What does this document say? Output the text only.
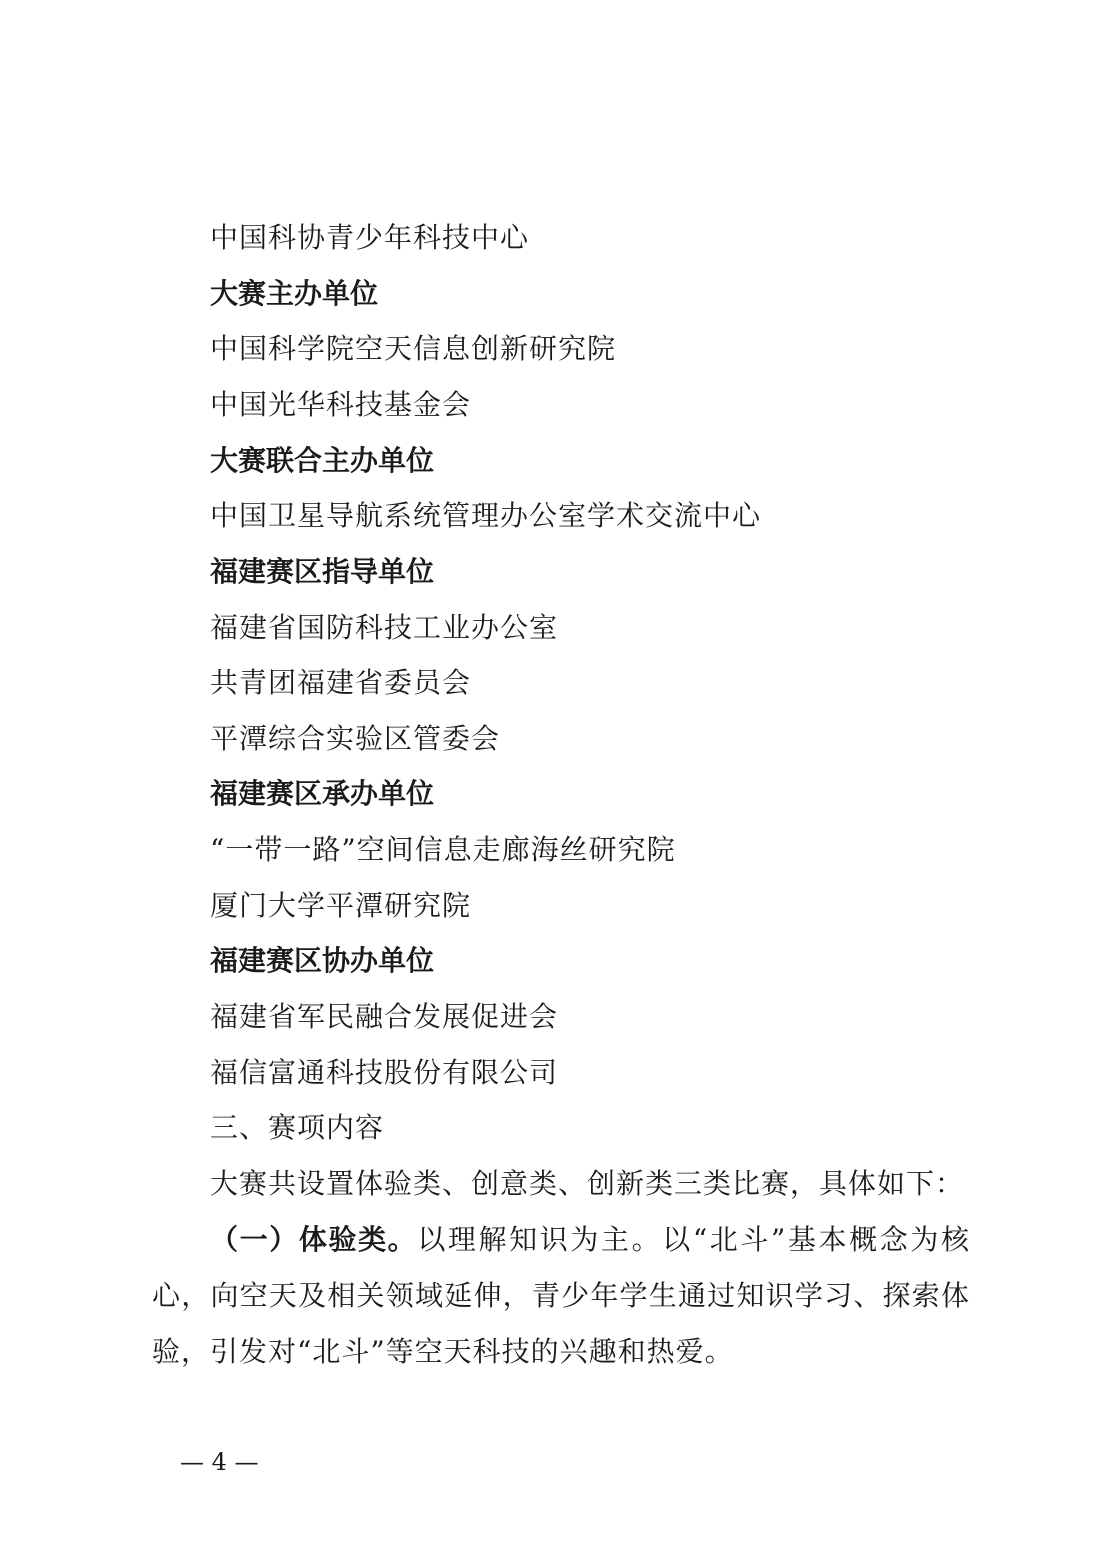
中国科协青少年科技中心
大赛主办单位
中国科学院空天信息创新研究院
中国光华科技基金会
大赛联合主办单位
中国卫星导航系统管理办公室学术交流中心
福建赛区指导单位
福建省国防科技工业办公室
共青团福建省委员会
平潭综合实验区管委会
福建赛区承办单位
“一带一路”空间信息走廊海丝研究院
厦门大学平潭研究院
福建赛区协办单位
福建省军民融合发展促进会
福信富通科技股份有限公司
三、赛项内容
大赛共设置体验类、创意类、创新类三类比赛，具体如下：
（一）体验类。以理解知识为主。以“北斗”基本概念为核心，向空天及相关领域延伸，青少年学生通过知识学习、探索体验，引发对“北斗”等空天科技的兴趣和热爱。
— 4 —
